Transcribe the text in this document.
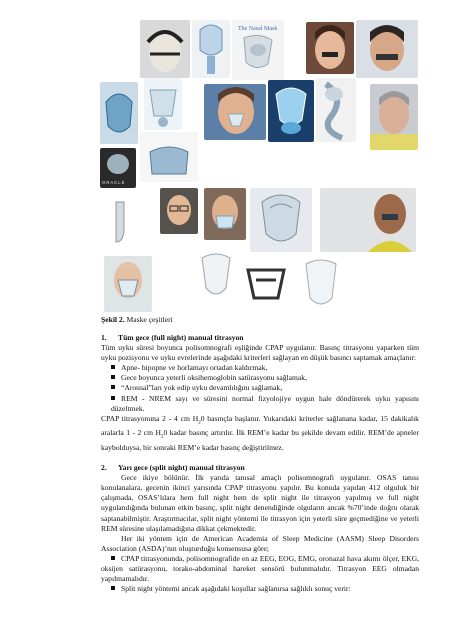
The Nasal Mask
O R A C L E
Şekil 2. Maske çeşitleri
1. Tüm gece (full night) manual titrasyon

Tüm uyku süresi boyunca polisomnografi eşliğinde CPAP uygulanır. Basınç titrasyonu yaparken tüm uyku pozisyonu ve uyku evrelerinde aşağıdaki kriterleri sağlayan en düşük basıncı saptamak amaçlanır:

Apne- hipopne ve horlamayı ortadan kaldırmak,

Gece boyunca yeterli oksihemoglobin satürasyonu sağlamak,

“Arousal”ları yok edip uyku devamlılığını sağlamak,

REM - NREM sayı ve süresini normal fizyolojiye uygun hale döndürerek uyku yapısını düzeltmek.

CPAP titrasyonuna 2 - 4 cm $H_20$ basınçla başlanır. Yukarıdaki kriterler sağlanana kadar, 15 dakikalık aralarla 1 - 2 cm $H_20$ kadar basınç artırılır. İlk REM’e kadar bu şekilde devam edilir. REM’de apneler kaybolduysa, bir sonraki REM’e kadar basınç değiştirilmez.

2. Yarı gece (split night) manual titrasyon

Gece ikiye bölünür. İlk yarıda tanısal amaçlı polisomnografi uygulanır. OSAS tanısı konulanalara, gecenin ikinci yarısında CPAP titrasyonu yapılır. Bu konuda yapılan 412 olguluk bir çalışmada, OSAS’lılara hem full night hem de split night ile titrasyon yapılmış ve full night uygulandığında bulunan etkin basınç, split night denendiğinde olguların ancak %70’inde doğru olarak saptanabilmiştir. Araştırmacılar, split night yöntemi ile titrasyon için yeterli süre geçmediğine ve yeterli REM süresine ulaşılamadığına dikkat çekmektedir.

Her iki yöntem için de American Academia of Sleep Medicine (AASM) Sleep Disorders Association (ASDA)’nın oluşturduğu konsensusa göre;

CPAP titrasyonunda, polisomnografide en az EEG, EOG, EMG, oronazal hava akımı ölçer, EKG, oksijen satürasyonu, torako-abdominal hareket sensörü bulunmalıdır. Titrasyon EEG olmadan yapılmamalıdır.

Split night yöntemi ancak aşağıdaki koşullar sağlanırsa sağlıklı sonuç verir:
